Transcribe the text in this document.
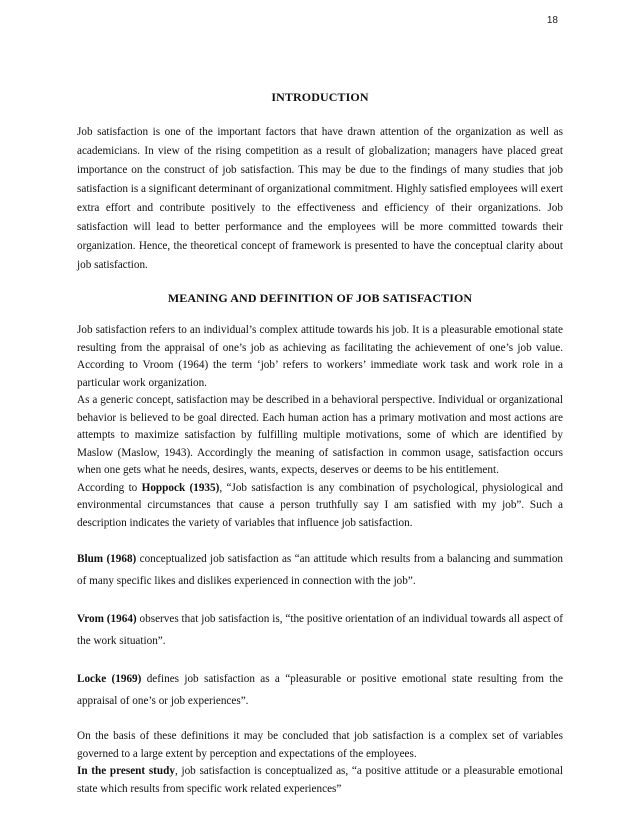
18
INTRODUCTION

Job satisfaction is one of the important factors that have drawn attention of the organization as well as academicians. In view of the rising competition as a result of globalization; managers have placed great importance on the construct of job satisfaction. This may be due to the findings of many studies that job satisfaction is a significant determinant of organizational commitment. Highly satisfied employees will exert extra effort and contribute positively to the effectiveness and efficiency of their organizations. Job satisfaction will lead to better performance and the employees will be more committed towards their organization. Hence, the theoretical concept of framework is presented to have the conceptual clarity about job satisfaction.

MEANING AND DEFINITION OF JOB SATISFACTION

Job satisfaction refers to an individual’s complex attitude towards his job. It is a pleasurable emotional state resulting from the appraisal of one’s job as achieving as facilitating the achievement of one’s job value. According to Vroom (1964) the term ‘job’ refers to workers’ immediate work task and work role in a particular work organization.

As a generic concept, satisfaction may be described in a behavioral perspective. Individual or organizational behavior is believed to be goal directed. Each human action has a primary motivation and most actions are attempts to maximize satisfaction by fulfilling multiple motivations, some of which are identified by Maslow (Maslow, 1943). Accordingly the meaning of satisfaction in common usage, satisfaction occurs when one gets what he needs, desires, wants, expects, deserves or deems to be his entitlement.

According to Hoppock (1935), “Job satisfaction is any combination of psychological, physiological and environmental circumstances that cause a person truthfully say I am satisfied with my job”. Such a description indicates the variety of variables that influence job satisfaction.

Blum (1968) conceptualized job satisfaction as “an attitude which results from a balancing and summation of many specific likes and dislikes experienced in connection with the job”.

Vrom (1964) observes that job satisfaction is, “the positive orientation of an individual towards all aspect of the work situation”.

Locke (1969) defines job satisfaction as a “pleasurable or positive emotional state resulting from the appraisal of one’s or job experiences”.

On the basis of these definitions it may be concluded that job satisfaction is a complex set of variables governed to a large extent by perception and expectations of the employees.

In the present study, job satisfaction is conceptualized as, “a positive attitude or a pleasurable emotional state which results from specific work related experiences”
